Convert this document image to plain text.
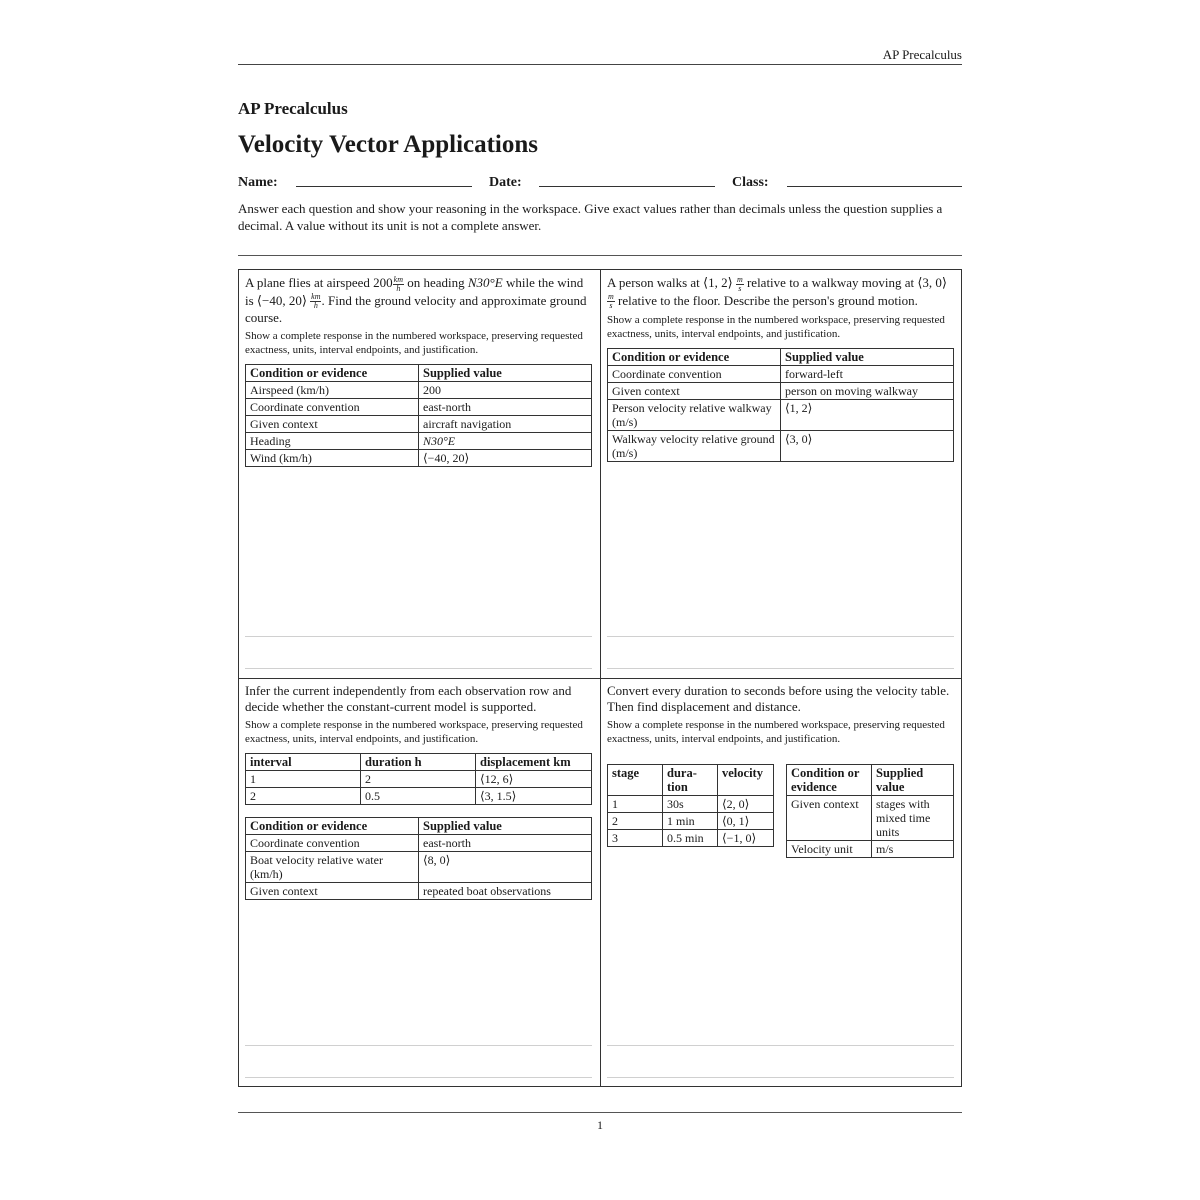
AP Precalculus
AP Precalculus
Velocity Vector Applications
Name:	Date:	Class:

Answer each question and show your reasoning in the workspace. Give exact values rather than decimals unless the question supplies a decimal. A value without its unit is not a complete answer.

A plane flies at airspeed $200 \frac{km}{h}$ on heading N30°E while the wind is ⟨−40, 20⟩ $\frac{km}{h}$ . Find the ground velocity and approximate ground course.

Show a complete response in the numbered workspace, preserving requested exactness, units, interval endpoints, and justification.

Condition or evidence	Supplied value
Airspeed (km/h)	200
Coordinate convention	east-north
Given context	aircraft navigation
Heading	N30°E
Wind (km/h)	⟨−40, 20⟩

A person walks at ⟨1, 2⟩ $\frac{m}{s}$ relative to a walkway moving at ⟨3, 0⟩
$\frac{m}{s}$ relative to the floor. Describe the person's ground motion.

Show a complete response in the numbered workspace, preserving requested exactness, units, interval endpoints, and justification.

Condition or evidence	Supplied value
Coordinate convention	forward-left
Given context	person on moving walkway
Person velocity relative walkway (m/s)	⟨1, 2⟩
Walkway velocity relative ground (m/s)	⟨3, 0⟩

Infer the current independently from each observation row and decide whether the constant-current model is supported.

Show a complete response in the numbered workspace, preserving requested exactness, units, interval endpoints, and justification.

interval	duration h	displacement km
1	2	⟨12, 6⟩
2	0.5	⟨3, 1.5⟩
Condition or evidence	Supplied value
Coordinate convention	east-north
Boat velocity relative water (km/h)	⟨8, 0⟩
Given context	repeated boat observations

Convert every duration to seconds before using the velocity table. Then find displacement and distance.

Show a complete response in the numbered workspace, preserving requested exactness, units, interval endpoints, and justification.

stage	dura-tion	velocity
1	30s	⟨2, 0⟩
2	1 min	⟨0, 1⟩
3	0.5 min	⟨−1, 0⟩
Condition or evidence	Supplied value
Given context	stages with mixed time units
Velocity unit	m/s
1
